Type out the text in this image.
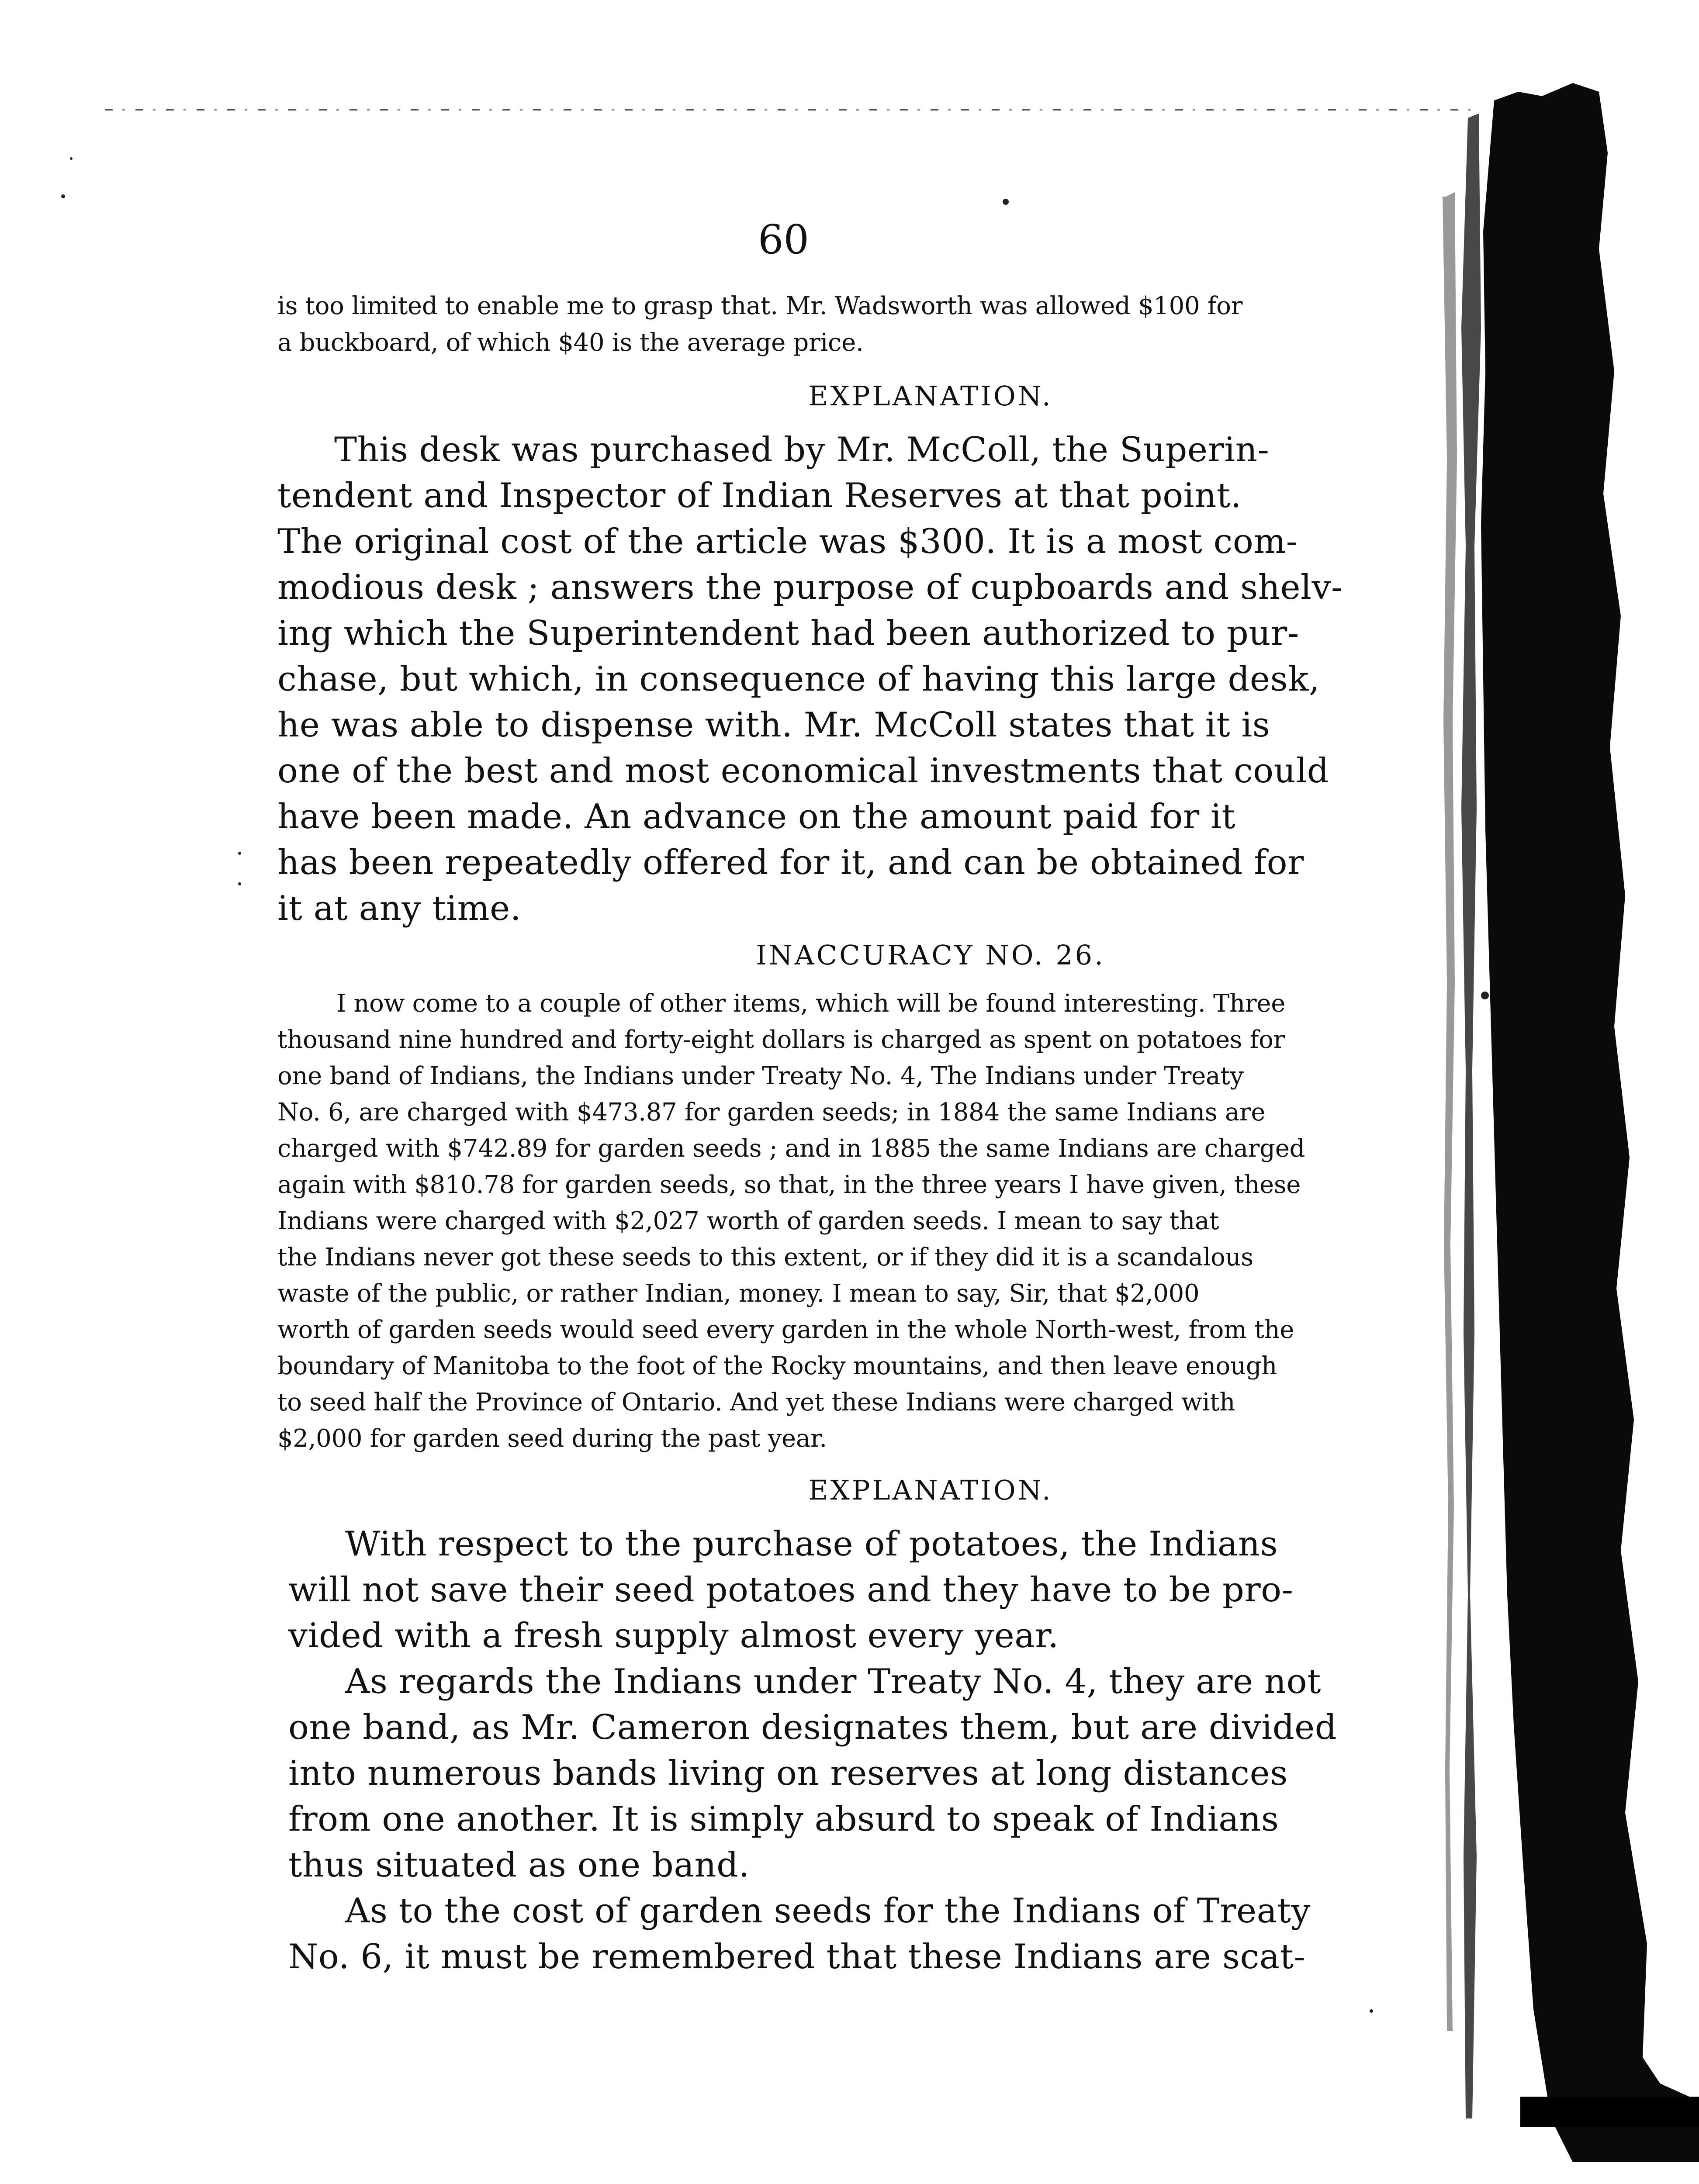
60

is too limited to enable me to grasp that. Mr. Wadsworth was allowed $100 for

a buckboard, of which $40 is the average price.

EXPLANATION.

This desk was purchased by Mr. McColl, the Superin-

tendent and Inspector of Indian Reserves at that point.

The original cost of the article was $300. It is a most com-

modious desk ; answers the purpose of cupboards and shelv-

ing which the Superintendent had been authorized to pur-

chase, but which, in consequence of having this large desk,

he was able to dispense with. Mr. McColl states that it is

one of the best and most economical investments that could

have been made. An advance on the amount paid for it

has been repeatedly offered for it, and can be obtained for

it at any time.

INACCURACY NO. 26.

I now come to a couple of other items, which will be found interesting. Three

thousand nine hundred and forty-eight dollars is charged as spent on potatoes for

one band of Indians, the Indians under Treaty No. 4, The Indians under Treaty

No. 6, are charged with $473.87 for garden seeds; in 1884 the same Indians are

charged with $742.89 for garden seeds ; and in 1885 the same Indians are charged

again with $810.78 for garden seeds, so that, in the three years I have given, these

Indians were charged with $2,027 worth of garden seeds. I mean to say that

the Indians never got these seeds to this extent, or if they did it is a scandalous

waste of the public, or rather Indian, money. I mean to say, Sir, that $2,000

worth of garden seeds would seed every garden in the whole North-west, from the

boundary of Manitoba to the foot of the Rocky mountains, and then leave enough

to seed half the Province of Ontario. And yet these Indians were charged with

$2,000 for garden seed during the past year.

EXPLANATION.

With respect to the purchase of potatoes, the Indians

will not save their seed potatoes and they have to be pro-

vided with a fresh supply almost every year.

As regards the Indians under Treaty No. 4, they are not

one band, as Mr. Cameron designates them, but are divided

into numerous bands living on reserves at long distances

from one another. It is simply absurd to speak of Indians

thus situated as one band.

As to the cost of garden seeds for the Indians of Treaty

No. 6, it must be remembered that these Indians are scat-
